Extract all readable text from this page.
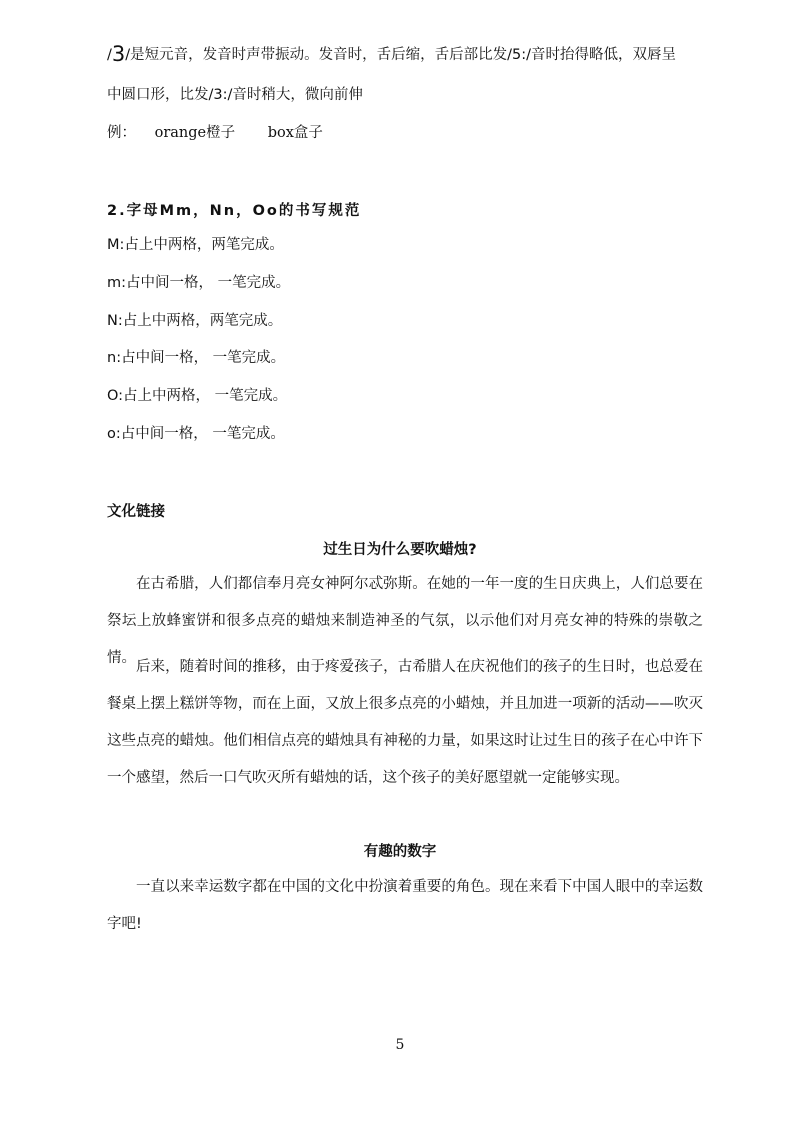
/3/是短元音，发音时声带振动。发音时，舌后缩，舌后部比发/5:/音时抬得略低，双唇呈
中圆口形，比发/3:/音时稍大，微向前伸
例： orange橙子 box盒子
2.字母Mm，Nn，Oo的书写规范
M:占上中两格，两笔完成。
m:占中间一格， 一笔完成。
N:占上中两格，两笔完成。
n:占中间一格， 一笔完成。
O:占上中两格， 一笔完成。
o:占中间一格， 一笔完成。
文化链接
过生日为什么要吹蜡烛?
在古希腊，人们都信奉月亮女神阿尔忒弥斯。在她的一年一度的生日庆典上，人们总要在祭坛上放蜂蜜饼和很多点亮的蜡烛来制造神圣的气氛，以示他们对月亮女神的特殊的崇敬之情。
后来，随着时间的推移，由于疼爱孩子，古希腊人在庆祝他们的孩子的生日时，也总爱在餐桌上摆上糕饼等物，而在上面，又放上很多点亮的小蜡烛，并且加进一项新的活动——吹灭这些点亮的蜡烛。他们相信点亮的蜡烛具有神秘的力量，如果这时让过生日的孩子在心中许下一个感望，然后一口气吹灭所有蜡烛的话，这个孩子的美好愿望就一定能够实现。
有趣的数字
一直以来幸运数字都在中国的文化中扮演着重要的角色。现在来看下中国人眼中的幸运数字吧!
5
